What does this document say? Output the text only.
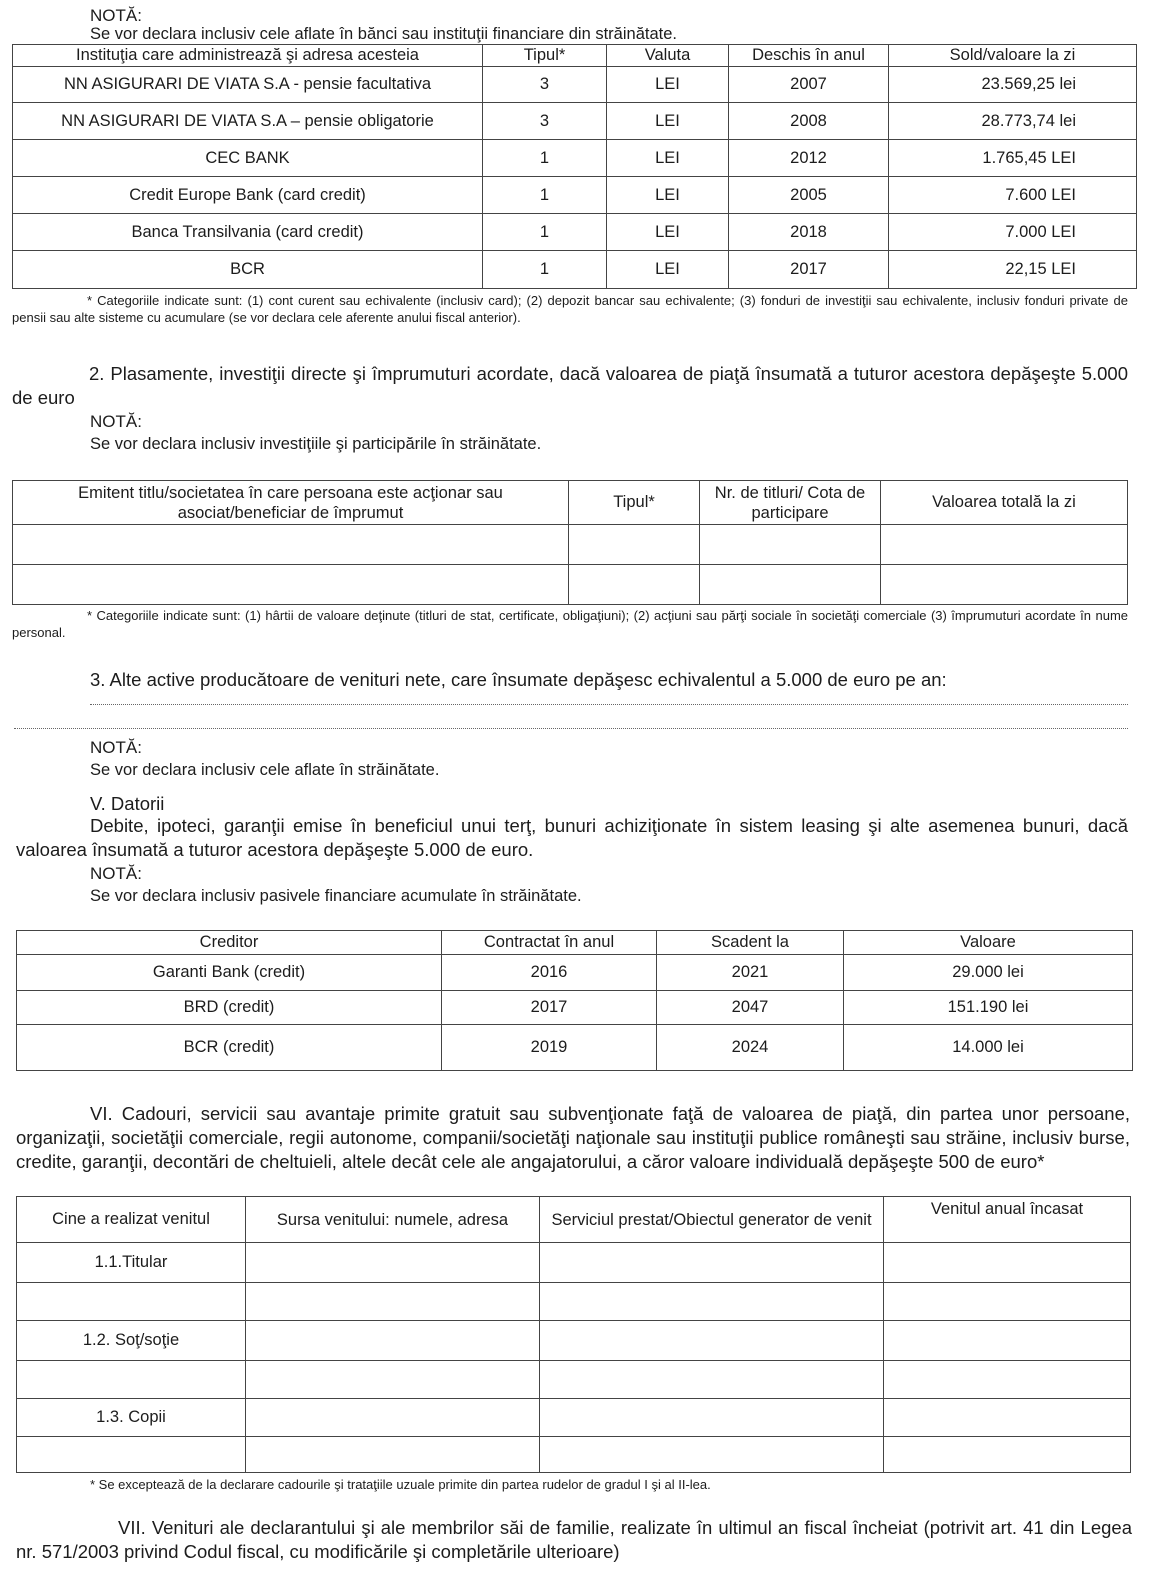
NOTĂ:
Se vor declara inclusiv cele aflate în bănci sau instituţii financiare din străinătate.
Instituţia care administrează şi adresa acesteia	Tipul*	Valuta	Deschis în anul	Sold/valoare la zi
NN ASIGURARI DE VIATA S.A - pensie facultativa	3	LEI	2007	23.569,25 lei
NN ASIGURARI DE VIATA S.A – pensie obligatorie	3	LEI	2008	28.773,74 lei
CEC BANK	1	LEI	2012	1.765,45 LEI
Credit Europe Bank (card credit)	1	LEI	2005	7.600 LEI
Banca Transilvania (card credit)	1	LEI	2018	7.000 LEI
BCR	1	LEI	2017	22,15 LEI
* Categoriile indicate sunt: (1) cont curent sau echivalente (inclusiv card); (2) depozit bancar sau echivalente; (3) fonduri de investiţii sau echivalente, inclusiv fonduri private de pensii sau alte sisteme cu acumulare (se vor declara cele aferente anului fiscal anterior).
2. Plasamente, investiţii directe şi împrumuturi acordate, dacă valoarea de piaţă însumată a tuturor acestora depăşeşte 5.000 de euro
NOTĂ:
Se vor declara inclusiv investiţiile şi participările în străinătate.
Emitent titlu/societatea în care persoana este acţionar sau asociat/beneficiar de împrumut	Tipul*	Nr. de titluri/ Cota de participare	Valoarea totală la zi

* Categoriile indicate sunt: (1) hârtii de valoare deţinute (titluri de stat, certificate, obligaţiuni); (2) acţiuni sau părţi sociale în societăţi comerciale (3) împrumuturi acordate în nume personal.
3. Alte active producătoare de venituri nete, care însumate depăşesc echivalentul a 5.000 de euro pe an:
NOTĂ:
Se vor declara inclusiv cele aflate în străinătate.
V. Datorii
Debite, ipoteci, garanţii emise în beneficiul unui terţ, bunuri achiziţionate în sistem leasing şi alte asemenea bunuri, dacă valoarea însumată a tuturor acestora depăşeşte 5.000 de euro.
NOTĂ:
Se vor declara inclusiv pasivele financiare acumulate în străinătate.
Creditor	Contractat în anul	Scadent la	Valoare
Garanti Bank (credit)	2016	2021	29.000 lei
BRD (credit)	2017	2047	151.190 lei
BCR (credit)	2019	2024	14.000 lei
VI. Cadouri, servicii sau avantaje primite gratuit sau subvenţionate faţă de valoarea de piaţă, din partea unor persoane, organizaţii, societăţii comerciale, regii autonome, companii/societăţi naţionale sau instituţii publice româneşti sau străine, inclusiv burse, credite, garanţii, decontări de cheltuieli, altele decât cele ale angajatorului, a căror valoare individuală depăşeşte 500 de euro*
Cine a realizat venitul	Sursa venitului: numele, adresa	Serviciul prestat/Obiectul generator de venit	Venitul anual încasat
1.1.Titular			

1.2. Soţ/soţie			

1.3. Copii			

* Se exceptează de la declarare cadourile şi trataţiile uzuale primite din partea rudelor de gradul I şi al II-lea.
VII. Venituri ale declarantului şi ale membrilor săi de familie, realizate în ultimul an fiscal încheiat (potrivit art. 41 din Legea nr. 571/2003 privind Codul fiscal, cu modificările şi completările ulterioare)
